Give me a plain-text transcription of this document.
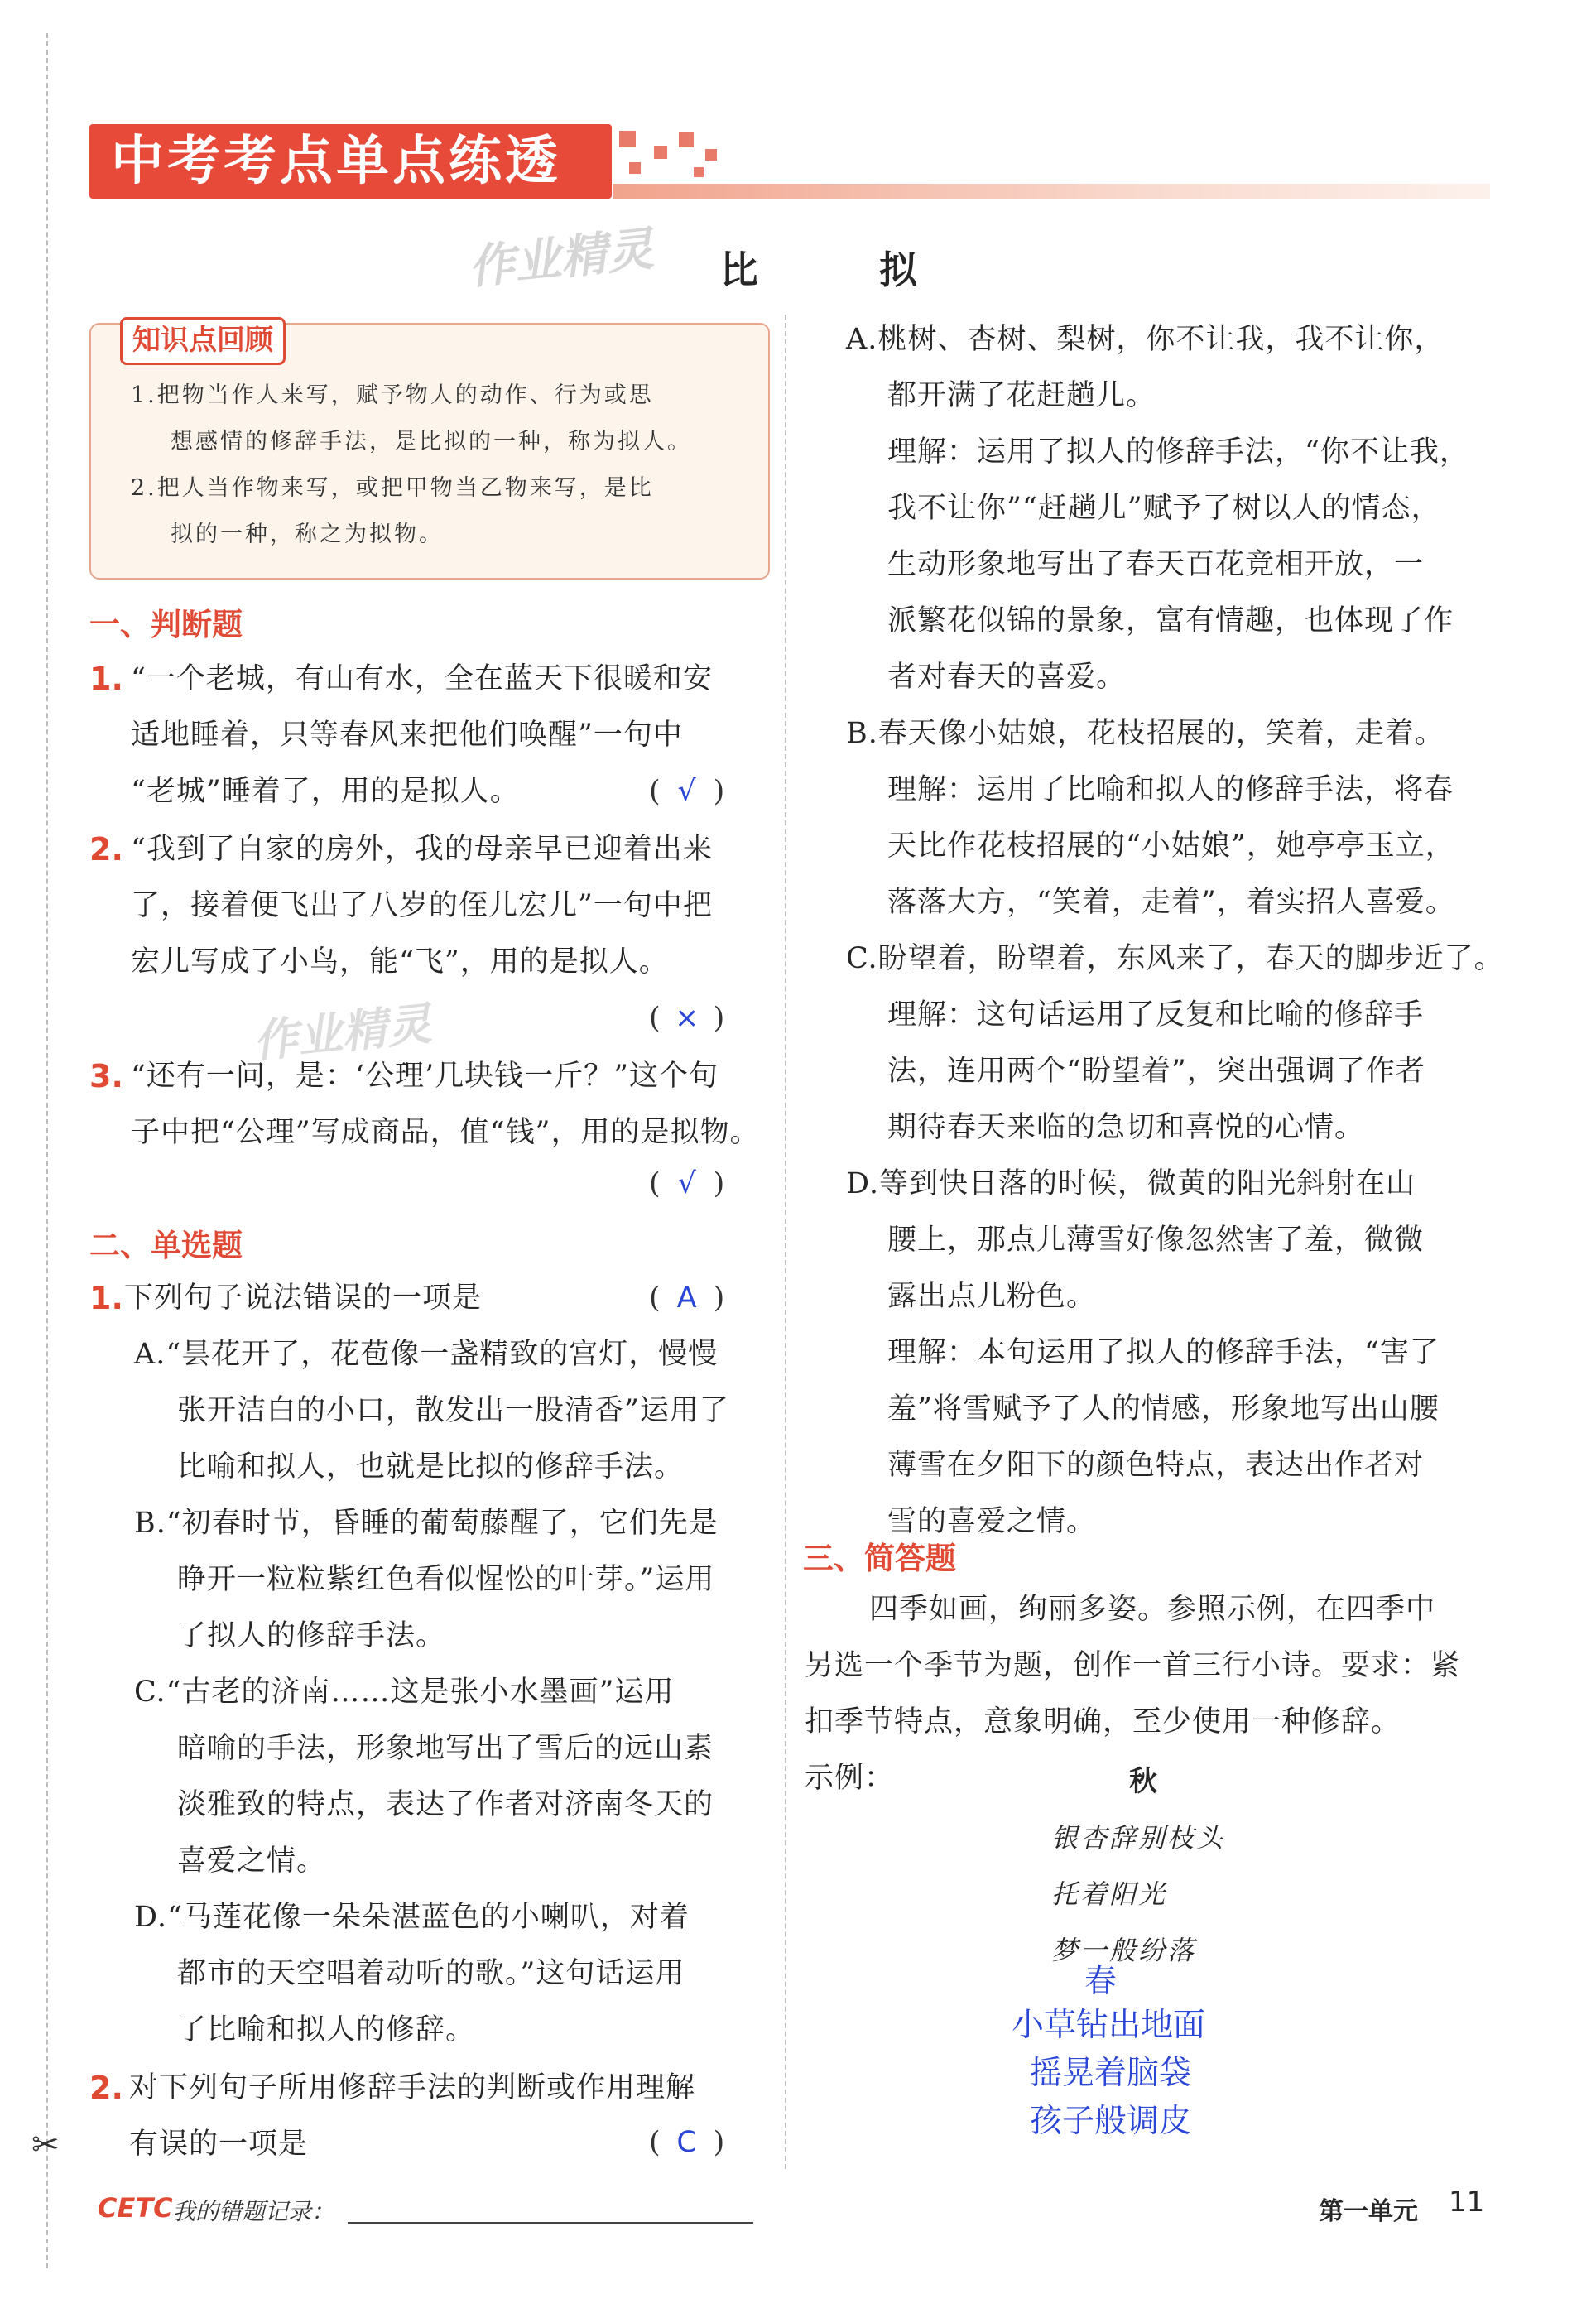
中考考点单点练透
作业精灵 比　拟
1.把物当作人来写，赋予物人的动作、行为或思
想感情的修辞手法，是比拟的一种，称为拟人。
2.把人当作物来写，或把甲物当乙物来写，是比
拟的一种，称之为拟物。
知识点回顾
一、判断题
1. “一个老城，有山有水，全在蓝天下很暖和安
适地睡着，只等春风来把他们唤醒”一句中
“老城”睡着了，用的是拟人。	( √ )
2. “我到了自家的房外，我的母亲早已迎着出来
了，接着便飞出了八岁的侄儿宏儿”一句中把
宏儿写成了小鸟，能“飞”，用的是拟人。
( × )
作业精灵
3. “还有一问，是：‘公理’几块钱一斤？”这个句
子中把“公理”写成商品，值“钱”，用的是拟物。
( √ )
二、单选题
1. 下列句子说法错误的一项是	( A )
A.“昙花开了，花苞像一盏精致的宫灯，慢慢
张开洁白的小口，散发出一股清香”运用了
比喻和拟人，也就是比拟的修辞手法。
B.“初春时节，昏睡的葡萄藤醒了，它们先是
睁开一粒粒紫红色看似惺忪的叶芽。”运用
了拟人的修辞手法。
C.“古老的济南……这是张小水墨画”运用
暗喻的手法，形象地写出了雪后的远山素
淡雅致的特点，表达了作者对济南冬天的
喜爱之情。
D.“马莲花像一朵朵湛蓝色的小喇叭，对着
都市的天空唱着动听的歌。”这句话运用
了比喻和拟人的修辞。
2. 对下列句子所用修辞手法的判断或作用理解
有误的一项是	( C )
✂
A.桃树、杏树、梨树，你不让我，我不让你，
都开满了花赶趟儿。
理解：运用了拟人的修辞手法，“你不让我，
我不让你”“赶趟儿”赋予了树以人的情态，
生动形象地写出了春天百花竞相开放，一
派繁花似锦的景象，富有情趣，也体现了作
者对春天的喜爱。
B.春天像小姑娘，花枝招展的，笑着，走着。
理解：运用了比喻和拟人的修辞手法，将春
天比作花枝招展的“小姑娘”，她亭亭玉立，
落落大方，“笑着，走着”，着实招人喜爱。
C.盼望着，盼望着，东风来了，春天的脚步近了。
理解：这句话运用了反复和比喻的修辞手
法，连用两个“盼望着”，突出强调了作者
期待春天来临的急切和喜悦的心情。
D.等到快日落的时候，微黄的阳光斜射在山
腰上，那点儿薄雪好像忽然害了羞，微微
露出点儿粉色。
理解：本句运用了拟人的修辞手法，“害了
羞”将雪赋予了人的情感，形象地写出山腰
薄雪在夕阳下的颜色特点，表达出作者对
雪的喜爱之情。
三、简答题
四季如画，绚丽多姿。参照示例，在四季中
另选一个季节为题，创作一首三行小诗。要求：紧
扣季节特点，意象明确，至少使用一种修辞。
示例：	秋
银杏辞别枝头
托着阳光
梦一般纷落
春
小草钻出地面
摇晃着脑袋
孩子般调皮
CETC 我的错题记录：	第一单元 11
